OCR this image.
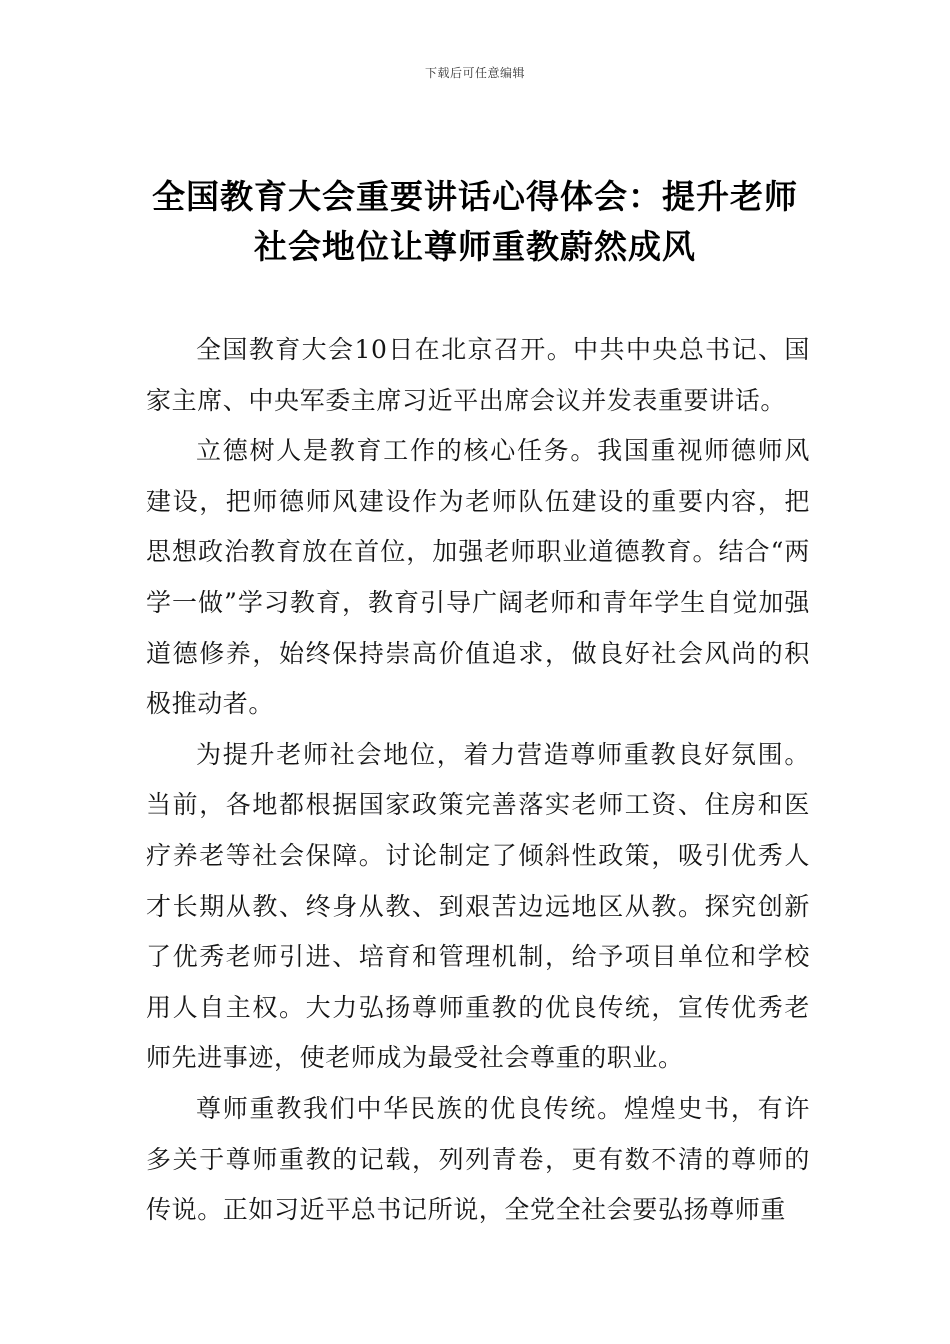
下载后可任意编辑
全国教育大会重要讲话心得体会：提升老师社会地位让尊师重教蔚然成风

全国教育大会10日在北京召开。中共中央总书记、国家主席、中央军委主席习近平出席会议并发表重要讲话。

立德树人是教育工作的核心任务。我国重视师德师风建设，把师德师风建设作为老师队伍建设的重要内容，把思想政治教育放在首位，加强老师职业道德教育。结合“两学一做”学习教育，教育引导广阔老师和青年学生自觉加强道德修养，始终保持崇高价值追求，做良好社会风尚的积极推动者。

为提升老师社会地位，着力营造尊师重教良好氛围。当前，各地都根据国家政策完善落实老师工资、住房和医疗养老等社会保障。讨论制定了倾斜性政策，吸引优秀人才长期从教、终身从教、到艰苦边远地区从教。探究创新了优秀老师引进、培育和管理机制，给予项目单位和学校用人自主权。大力弘扬尊师重教的优良传统，宣传优秀老师先进事迹，使老师成为最受社会尊重的职业。

尊师重教我们中华民族的优良传统。煌煌史书，有许多关于尊师重教的记载，列列青卷，更有数不清的尊师的传说。正如习近平总书记所说，全党全社会要弘扬尊师重
